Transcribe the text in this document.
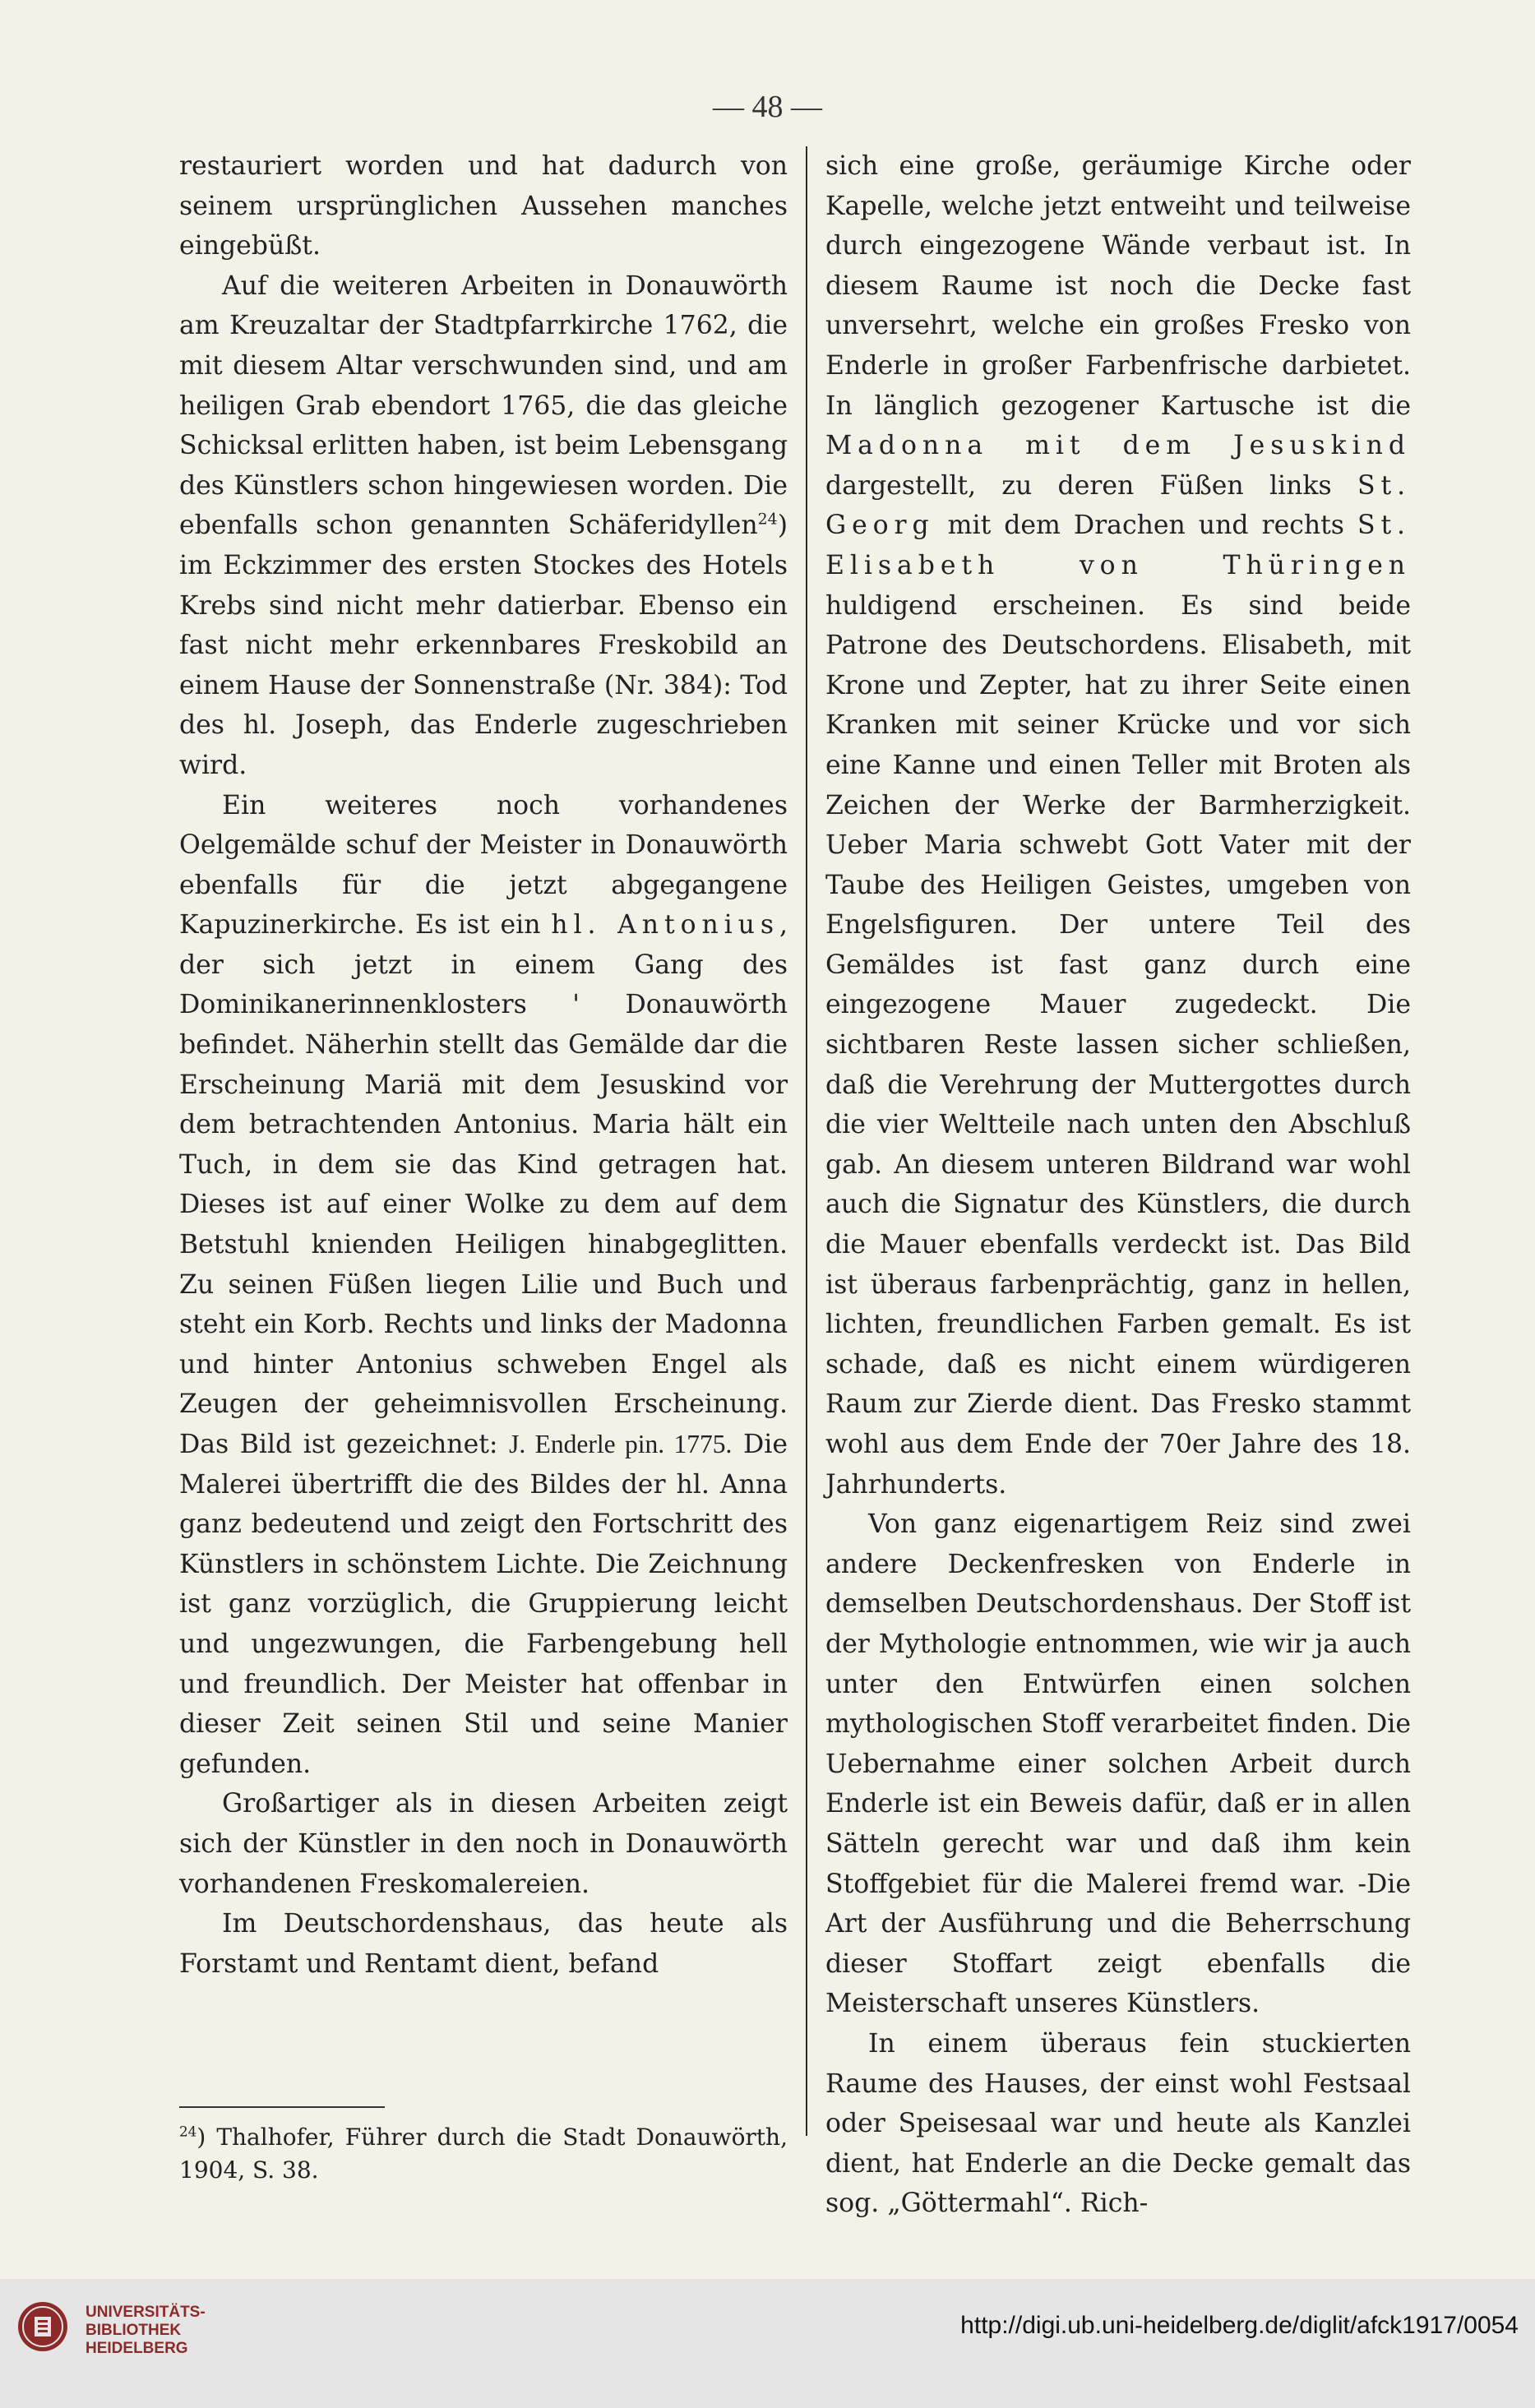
— 48 —

restauriert worden und hat dadurch von seinem ursprünglichen Aussehen manches eingebüßt.

Auf die weiteren Arbeiten in Donauwörth am Kreuzaltar der Stadtpfarrkirche 1762, die mit diesem Altar verschwunden sind, und am heiligen Grab ebendort 1765, die das gleiche Schicksal erlitten haben, ist beim Lebensgang des Künstlers schon hingewiesen worden. Die ebenfalls schon genannten Schäferidyllen$^{24}$) im Eckzimmer des ersten Stockes des Hotels Krebs sind nicht mehr datierbar. Ebenso ein fast nicht mehr erkennbares Freskobild an einem Hause der Sonnenstraße (Nr. 384): Tod des hl. Joseph, das Enderle zugeschrieben wird.

Ein weiteres noch vorhandenes Oelgemälde schuf der Meister in Donauwörth ebenfalls für die jetzt abgegangene Kapuzinerkirche. Es ist ein hl. Antonius, der sich jetzt in einem Gang des Dominikanerinnenklosters ' Donauwörth befindet. Näherhin stellt das Gemälde dar die Erscheinung Mariä mit dem Jesuskind vor dem betrachtenden Antonius. Maria hält ein Tuch, in dem sie das Kind getragen hat. Dieses ist auf einer Wolke zu dem auf dem Betstuhl knienden Heiligen hinabgeglitten. Zu seinen Füßen liegen Lilie und Buch und steht ein Korb. Rechts und links der Madonna und hinter Antonius schweben Engel als Zeugen der geheimnisvollen Erscheinung. Das Bild ist gezeichnet: J. Enderle pin. 1775. Die Malerei übertrifft die des Bildes der hl. Anna ganz bedeutend und zeigt den Fortschritt des Künstlers in schönstem Lichte. Die Zeichnung ist ganz vorzüglich, die Gruppierung leicht und ungezwungen, die Farbengebung hell und freundlich. Der Meister hat offenbar in dieser Zeit seinen Stil und seine Manier gefunden.

Großartiger als in diesen Arbeiten zeigt sich der Künstler in den noch in Donauwörth vorhandenen Freskomalereien.

Im Deutschordenshaus, das heute als Forstamt und Rentamt dient, befand

sich eine große, geräumige Kirche oder Kapelle, welche jetzt entweiht und teilweise durch eingezogene Wände verbaut ist. In diesem Raume ist noch die Decke fast unversehrt, welche ein großes Fresko von Enderle in großer Farbenfrische darbietet. In länglich gezogener Kartusche ist die Madonna mit dem Jesuskind dargestellt, zu deren Füßen links St. Georg mit dem Drachen und rechts St. Elisabeth von Thüringen huldigend erscheinen. Es sind beide Patrone des Deutschordens. Elisabeth, mit Krone und Zepter, hat zu ihrer Seite einen Kranken mit seiner Krücke und vor sich eine Kanne und einen Teller mit Broten als Zeichen der Werke der Barmherzigkeit. Ueber Maria schwebt Gott Vater mit der Taube des Heiligen Geistes, umgeben von Engelsfiguren. Der untere Teil des Gemäldes ist fast ganz durch eine eingezogene Mauer zugedeckt. Die sichtbaren Reste lassen sicher schließen, daß die Verehrung der Muttergottes durch die vier Weltteile nach unten den Abschluß gab. An diesem unteren Bildrand war wohl auch die Signatur des Künstlers, die durch die Mauer ebenfalls verdeckt ist. Das Bild ist überaus farbenprächtig, ganz in hellen, lichten, freundlichen Farben gemalt. Es ist schade, daß es nicht einem würdigeren Raum zur Zierde dient. Das Fresko stammt wohl aus dem Ende der 70er Jahre des 18. Jahrhunderts.

Von ganz eigenartigem Reiz sind zwei andere Deckenfresken von Enderle in demselben Deutschordenshaus. Der Stoff ist der Mythologie entnommen, wie wir ja auch unter den Entwürfen einen solchen mythologischen Stoff verarbeitet finden. Die Uebernahme einer solchen Arbeit durch Enderle ist ein Beweis dafür, daß er in allen Sätteln gerecht war und daß ihm kein Stoffgebiet für die Malerei fremd war. -Die Art der Ausführung und die Beherrschung dieser Stoffart zeigt ebenfalls die Meisterschaft unseres Künstlers.

In einem überaus fein stuckierten Raume des Hauses, der einst wohl Festsaal oder Speisesaal war und heute als Kanzlei dient, hat Enderle an die Decke gemalt das sog. „Göttermahl“. Rich-

$^{24}$) Thalhofer, Führer durch die Stadt Donauwörth, 1904, S. 38.

UNIVERSITÄTS-
BIBLIOTHEK
HEIDELBERG
http://digi.ub.uni-heidelberg.de/diglit/afck1917/0054
